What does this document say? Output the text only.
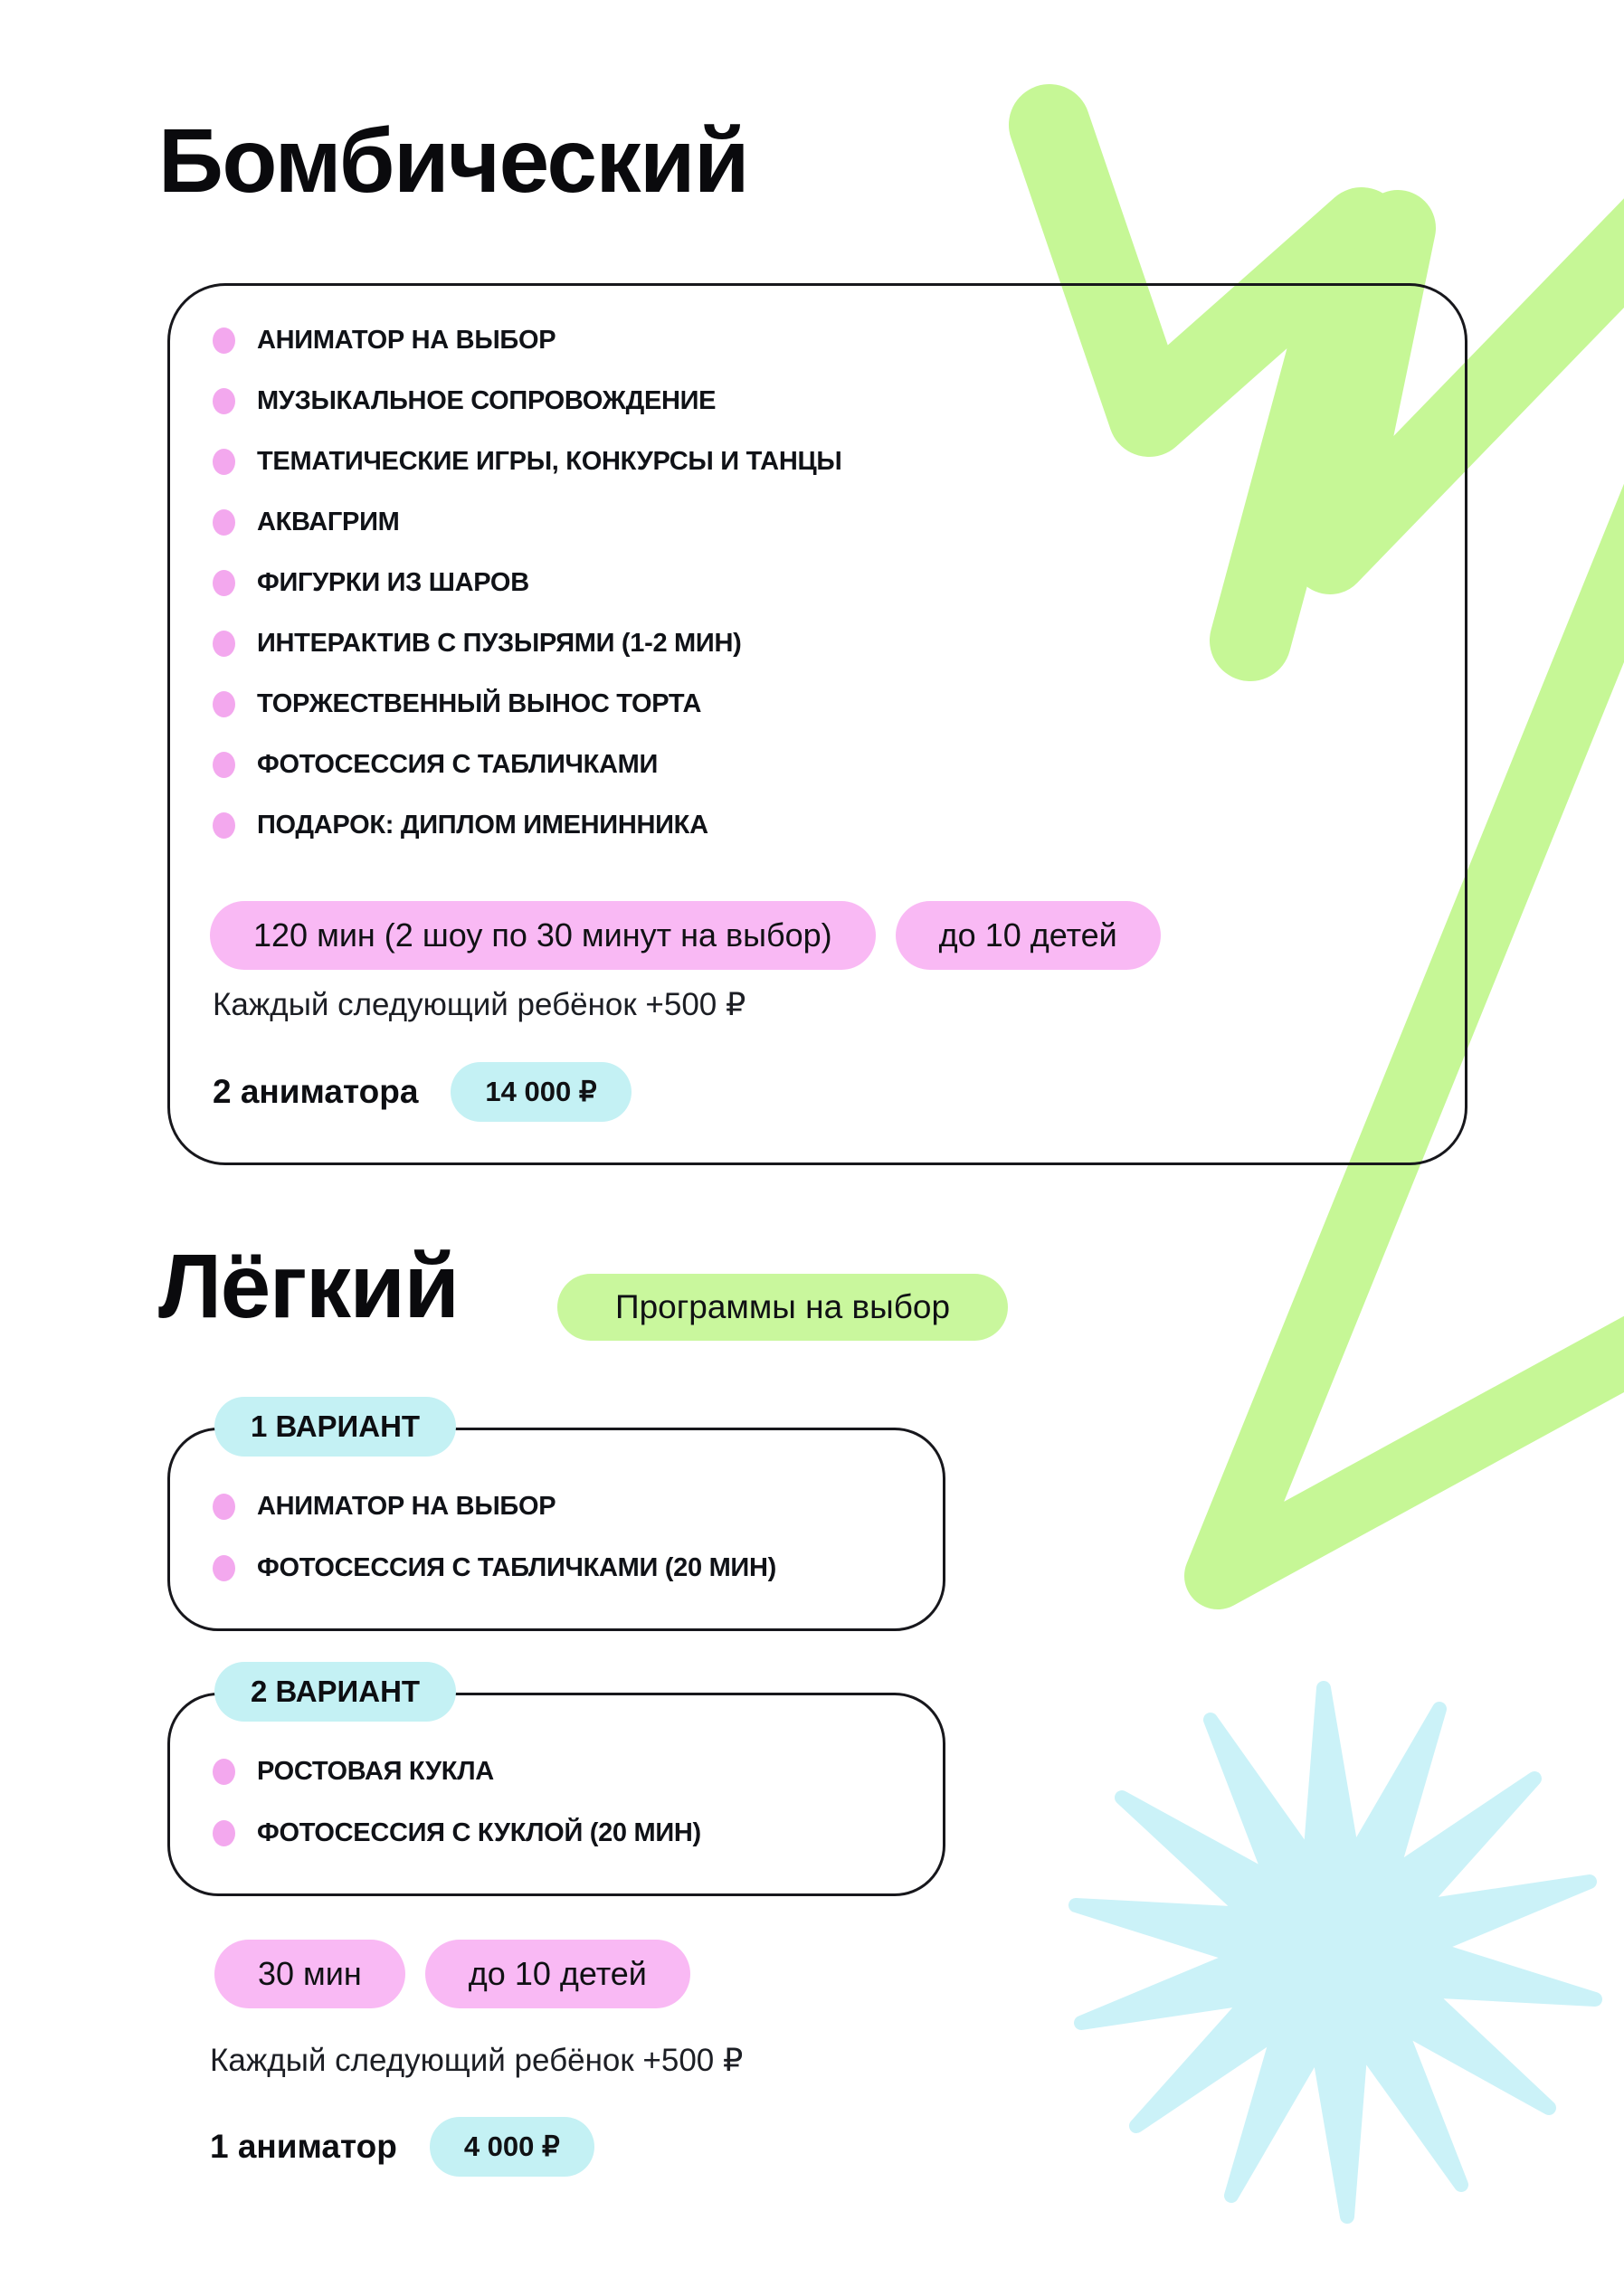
Бомбический
АНИМАТОР НА ВЫБОР
МУЗЫКАЛЬНОЕ СОПРОВОЖДЕНИЕ
ТЕМАТИЧЕСКИЕ ИГРЫ, КОНКУРСЫ И ТАНЦЫ
АКВАГРИМ
ФИГУРКИ ИЗ ШАРОВ
ИНТЕРАКТИВ С ПУЗЫРЯМИ (1-2 МИН)
ТОРЖЕСТВЕННЫЙ ВЫНОС ТОРТА
ФОТОСЕССИЯ С ТАБЛИЧКАМИ
ПОДАРОК: ДИПЛОМ ИМЕНИННИКА
120 мин (2 шоу по 30 минут на выбор)	до 10 детей
Каждый следующий ребёнок +500 ₽
2 аниматора	14 000 ₽
Лёгкий	Программы на выбор
1 ВАРИАНТ
АНИМАТОР НА ВЫБОР
ФОТОСЕССИЯ С ТАБЛИЧКАМИ (20 МИН)
2 ВАРИАНТ
РОСТОВАЯ КУКЛА
ФОТОСЕССИЯ С КУКЛОЙ (20 МИН)
30 мин	до 10 детей
Каждый следующий ребёнок +500 ₽
1 аниматор	4 000 ₽
